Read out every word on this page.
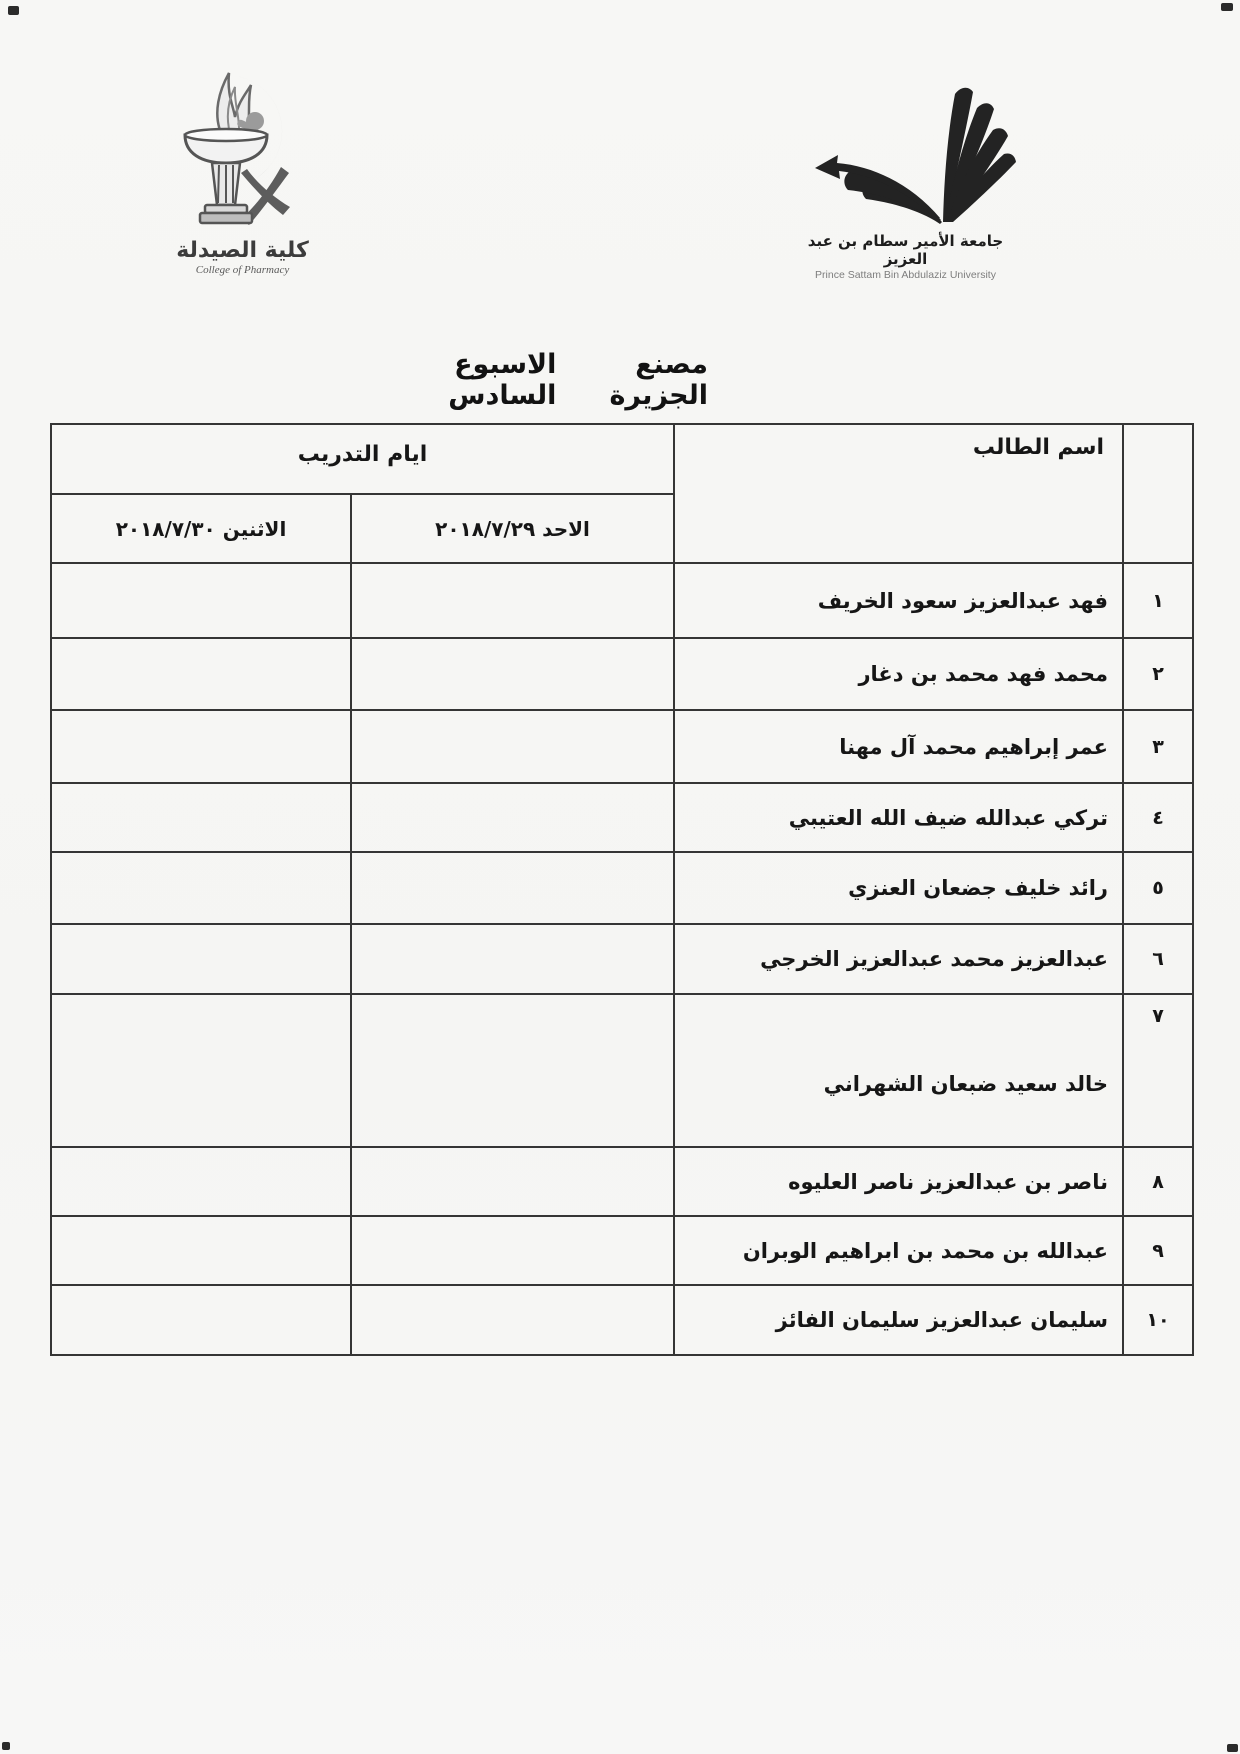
كلية الصيدلة
College of Pharmacy
جامعة الأمير سطام بن عبد العزيز
Prince Sattam Bin Abdulaziz University
مصنع الجزيرة
الاسبوع السادس
	اسم الطالب	ايام التدريب	
		الاحد ٢٠١٨/٧/٢٩	الاثنين ٢٠١٨/٧/٣٠
١	فهد عبدالعزيز سعود الخريف		
٢	محمد فهد محمد بن دغار		
٣	عمر إبراهيم محمد آل مهنا		
٤	تركي عبدالله ضيف الله العتيبي		
٥	رائد خليف جضعان العنزي		
٦	عبدالعزيز محمد عبدالعزيز الخرجي		
٧	خالد سعيد ضبعان الشهراني		
٨	ناصر بن عبدالعزيز ناصر العليوه		
٩	عبدالله بن محمد بن ابراهيم الوبران		
١٠	سليمان عبدالعزيز سليمان الفائز		
